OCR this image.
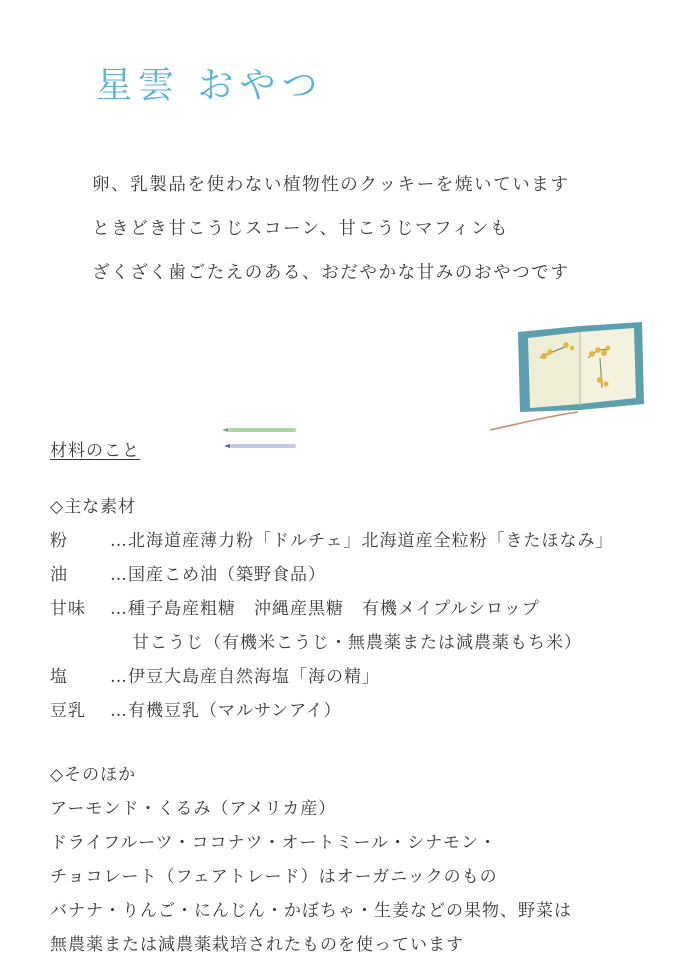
星雲 おやつ

卵、乳製品を使わない植物性のクッキーを焼いています

ときどき甘こうじスコーン、甘こうじマフィンも

ざくざく歯ごたえのある、おだやかな甘みのおやつです

材料のこと
◇主な素材
粉	…北海道産薄力粉「ドルチェ」北海道産全粒粉「きたほなみ」
油	…国産こめ油（築野食品）
甘味	…種子島産粗糖　沖縄産黒糖　有機メイプルシロップ
甘こうじ（有機米こうじ・無農薬または減農薬もち米）
塩	…伊豆大島産自然海塩「海の精」
豆乳	…有機豆乳（マルサンアイ）
◇そのほか
アーモンド・くるみ（アメリカ産）
ドライフルーツ・ココナツ・オートミール・シナモン・
チョコレート（フェアトレード）はオーガニックのもの
バナナ・りんご・にんじん・かぼちゃ・生姜などの果物、野菜は
無農薬または減農薬栽培されたものを使っています
